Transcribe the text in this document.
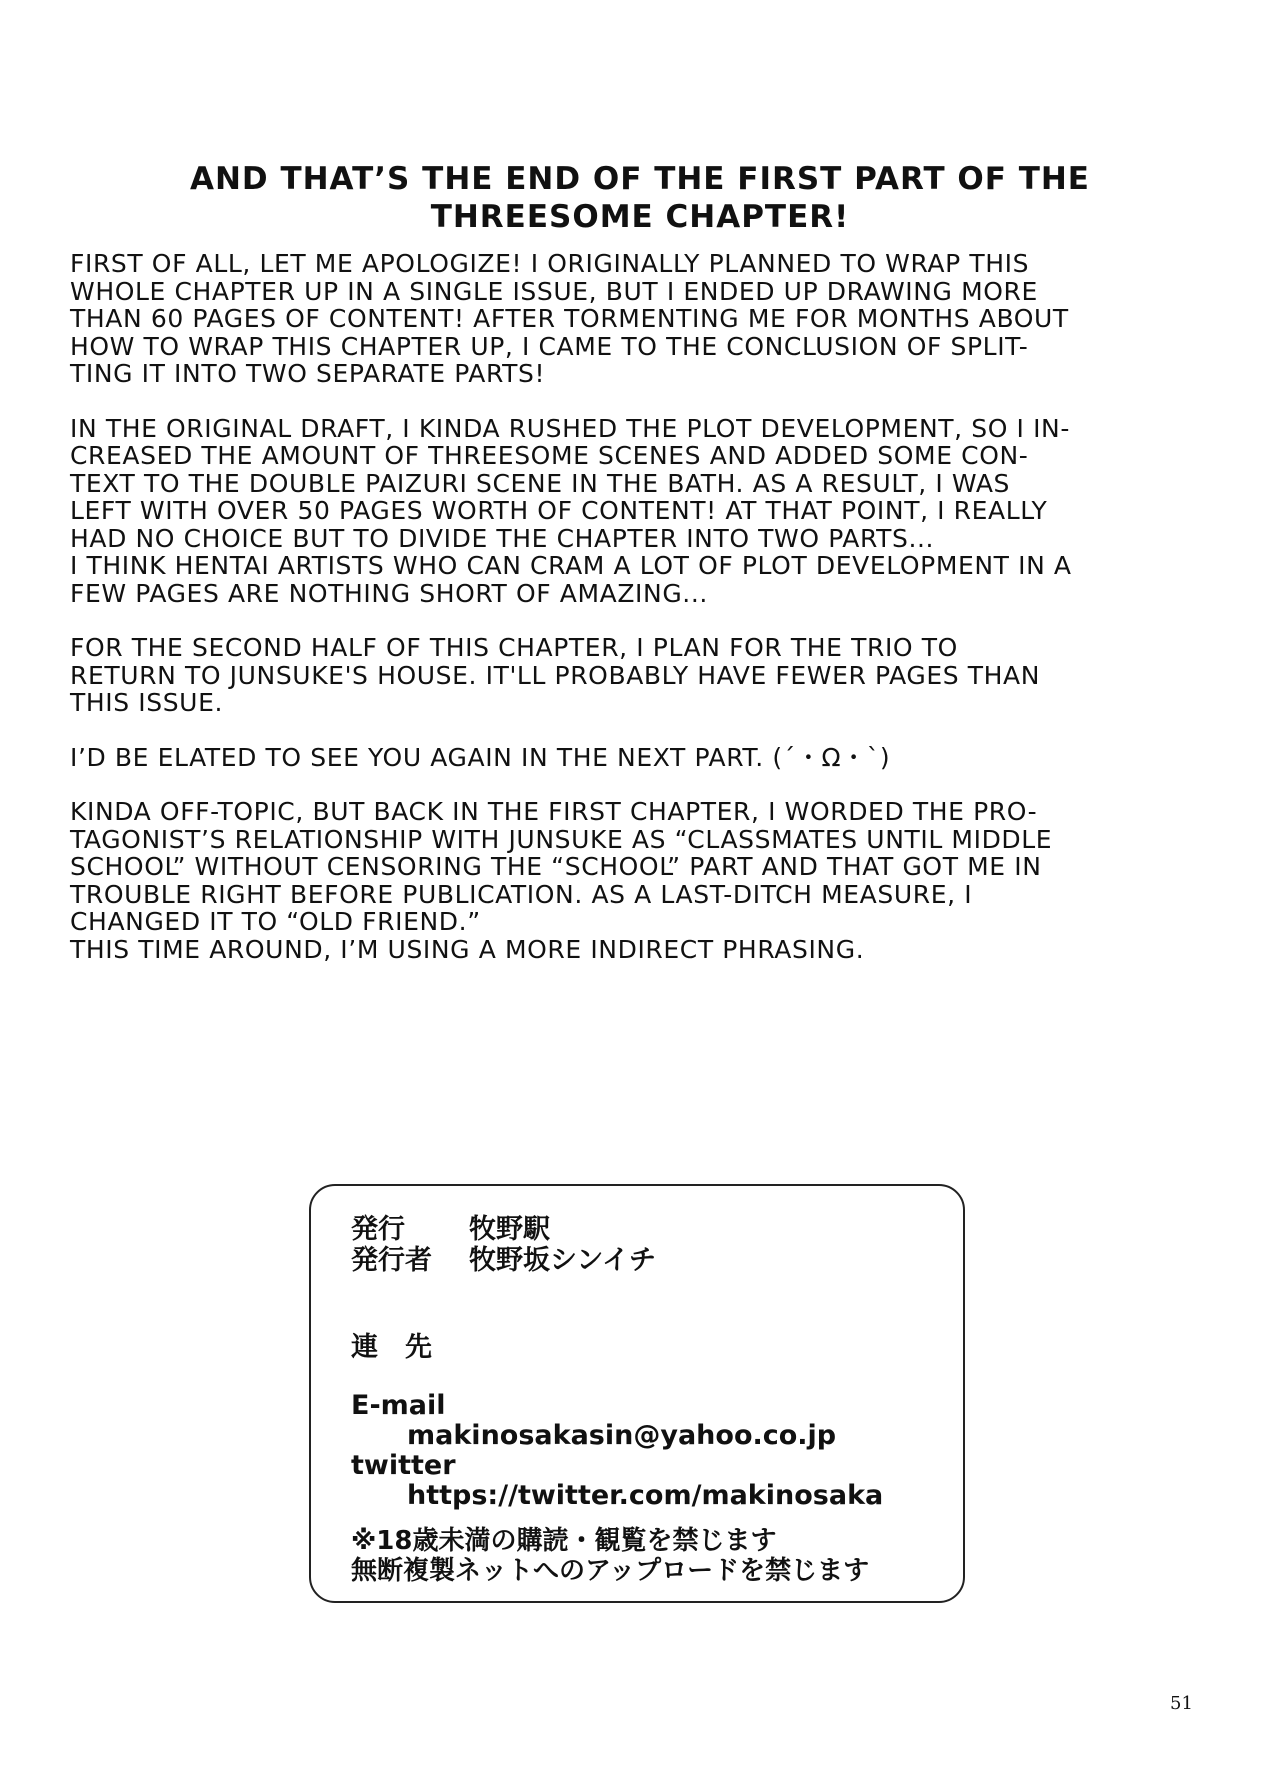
AND THAT’S THE END OF THE FIRST PART OF THE
THREESOME CHAPTER!

FIRST OF ALL, LET ME APOLOGIZE! I ORIGINALLY PLANNED TO WRAP THIS
WHOLE CHAPTER UP IN A SINGLE ISSUE, BUT I ENDED UP DRAWING MORE
THAN 60 PAGES OF CONTENT! AFTER TORMENTING ME FOR MONTHS ABOUT
HOW TO WRAP THIS CHAPTER UP, I CAME TO THE CONCLUSION OF SPLIT-
TING IT INTO TWO SEPARATE PARTS!

IN THE ORIGINAL DRAFT, I KINDA RUSHED THE PLOT DEVELOPMENT, SO I IN-
CREASED THE AMOUNT OF THREESOME SCENES AND ADDED SOME CON-
TEXT TO THE DOUBLE PAIZURI SCENE IN THE BATH. AS A RESULT, I WAS
LEFT WITH OVER 50 PAGES WORTH OF CONTENT! AT THAT POINT, I REALLY
HAD NO CHOICE BUT TO DIVIDE THE CHAPTER INTO TWO PARTS...
I THINK HENTAI ARTISTS WHO CAN CRAM A LOT OF PLOT DEVELOPMENT IN A
FEW PAGES ARE NOTHING SHORT OF AMAZING...

FOR THE SECOND HALF OF THIS CHAPTER, I PLAN FOR THE TRIO TO
RETURN TO JUNSUKE'S HOUSE. IT'LL PROBABLY HAVE FEWER PAGES THAN
THIS ISSUE.

I’D BE ELATED TO SEE YOU AGAIN IN THE NEXT PART. (´・Ω・`)

KINDA OFF-TOPIC, BUT BACK IN THE FIRST CHAPTER, I WORDED THE PRO-
TAGONIST’S RELATIONSHIP WITH JUNSUKE AS “CLASSMATES UNTIL MIDDLE
SCHOOL” WITHOUT CENSORING THE “SCHOOL” PART AND THAT GOT ME IN
TROUBLE RIGHT BEFORE PUBLICATION. AS A LAST-DITCH MEASURE, I
CHANGED IT TO “OLD FRIEND.”
THIS TIME AROUND, I’M USING A MORE INDIRECT PHRASING.

発行 牧野駅
発行者 牧野坂シンイチ
連　先
E-mail
makinosakasin@yahoo.co.jp
twitter
https://twitter.com/makinosaka
※18歳未満の購読・観覧を禁じます
無断複製ネットへのアップロードを禁じます
51
